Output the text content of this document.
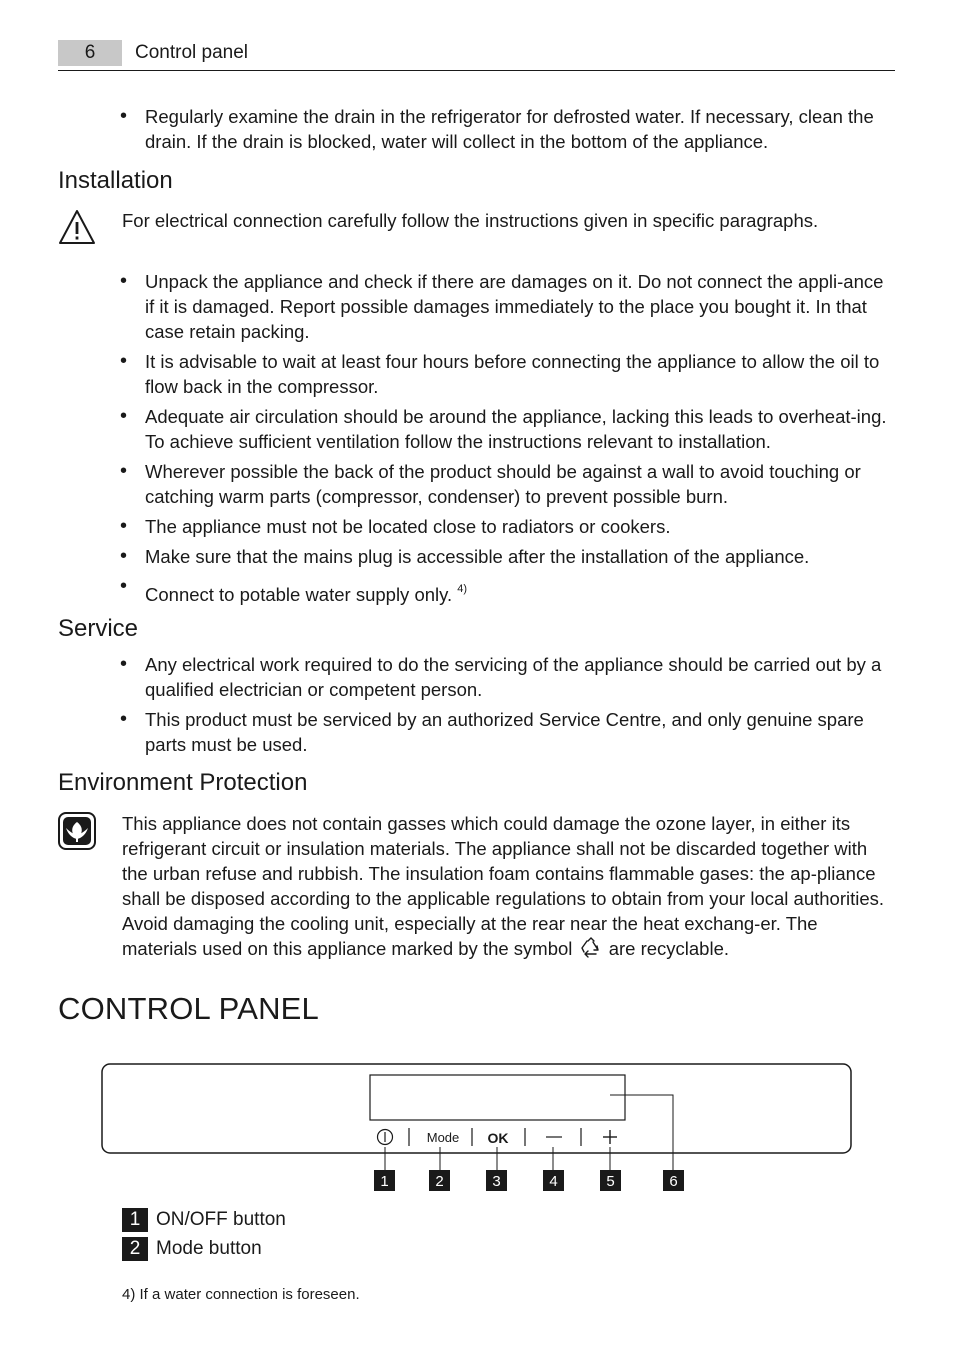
6	Control panel
• Regularly examine the drain in the refrigerator for defrosted water. If necessary, clean the drain. If the drain is blocked, water will collect in the bottom of the appliance.
Installation

For electrical connection carefully follow the instructions given in specific paragraphs.

• Unpack the appliance and check if there are damages on it. Do not connect the appli-ance if it is damaged. Report possible damages immediately to the place you bought it. In that case retain packing.
• It is advisable to wait at least four hours before connecting the appliance to allow the oil to flow back in the compressor.
• Adequate air circulation should be around the appliance, lacking this leads to overheat-ing. To achieve sufficient ventilation follow the instructions relevant to installation.
• Wherever possible the back of the product should be against a wall to avoid touching or catching warm parts (compressor, condenser) to prevent possible burn.
• The appliance must not be located close to radiators or cookers.
• Make sure that the mains plug is accessible after the installation of the appliance.
• Connect to potable water supply only. $^{4)}$
Service
• Any electrical work required to do the servicing of the appliance should be carried out by a qualified electrician or competent person.
• This product must be serviced by an authorized Service Centre, and only genuine spare parts must be used.
Environment Protection

This appliance does not contain gasses which could damage the ozone layer, in either its refrigerant circuit or insulation materials. The appliance shall not be discarded together with the urban refuse and rubbish. The insulation foam contains flammable gases: the ap-pliance shall be disposed according to the applicable regulations to obtain from your local authorities. Avoid damaging the cooling unit, especially at the rear near the heat exchang-er. The materials used on this appliance marked by the symbol are recyclable.

CONTROL PANEL
Mode OK
1	2	3	4	5	6
1 ON/OFF button
2 Mode button
4) If a water connection is foreseen.
